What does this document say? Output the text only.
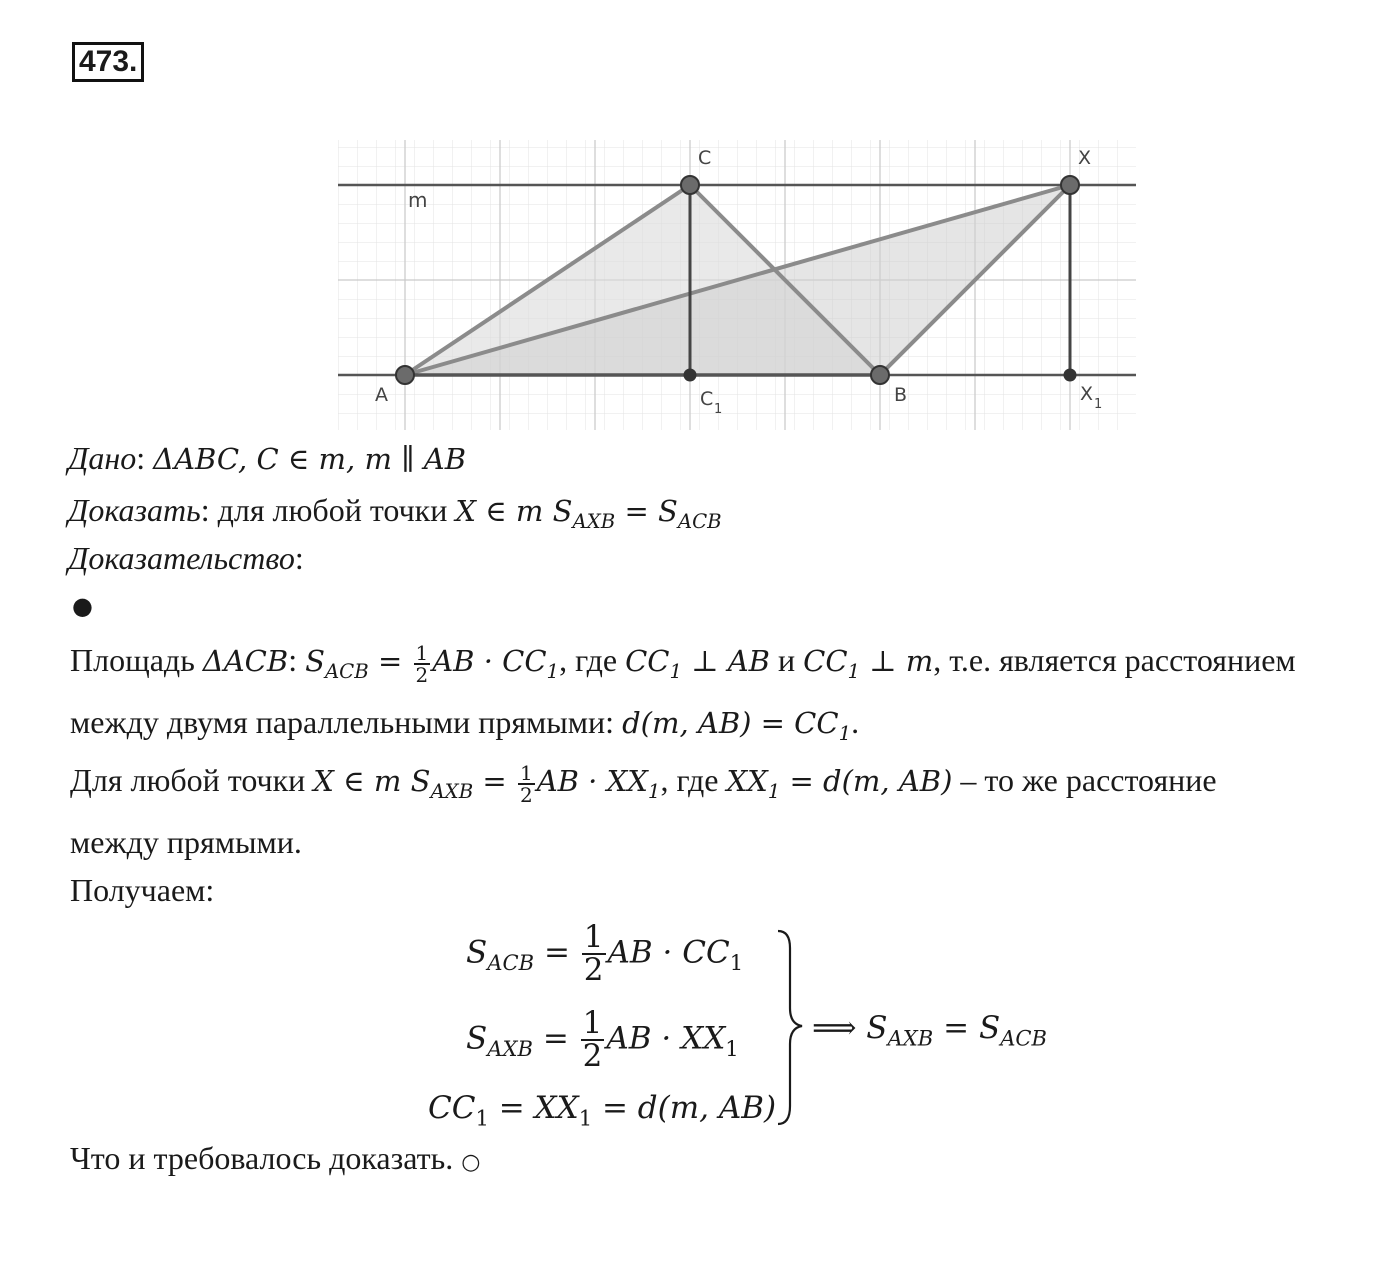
473.
C	X
m
A	B
C 1
X 1
Дано: ΔABC, C ∈ m, m ∥ AB
Доказать: для любой точки X ∈ m $S_{AXB} = S_{ACB}$
Доказательство:
●
Площадь ΔACB: $S_{ACB} = \frac{1}{2}$ AB · $CC_1$, где $CC_1$ ⊥ AB и $CC_1$ ⊥ m, т.е. является расстоянием
между двумя параллельными прямыми: d(m, $AB) = CC_1$.
Для любой точки X ∈ m $S_{AXB} = \frac{1}{2}$ AB · $XX_1$, где $XX_1 = d(m$, AB) – то же расстояние
между прямыми.
Получаем:
$S_{ACB} = \frac{1}{2}$ AB · $CC_1$
$S_{AXB} = \frac{1}{2}$ AB · $XX_1$
$CC_1 = XX_1 = d(m$, AB)
⟹ $S_{AXB} = S_{ACB}$
Что и требовалось доказать. ○
